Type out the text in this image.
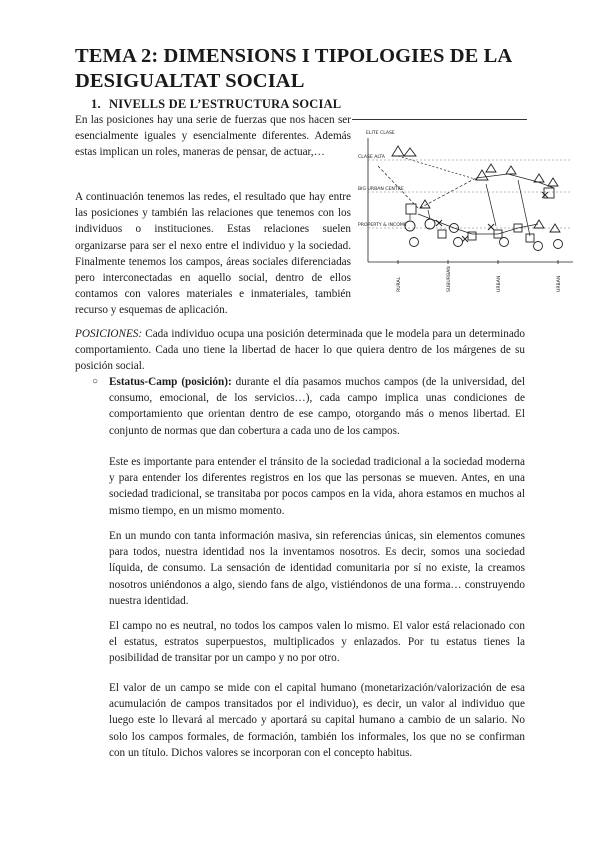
TEMA 2: DIMENSIONS I TIPOLOGIES DE LA DESIGUALTAT SOCIAL
1. NIVELLS DE L’ESTRUCTURA SOCIAL

En las posiciones hay una serie de fuerzas que nos hacen ser esencialmente iguales y esencialmente diferentes. Además estas implican un roles, maneras de pensar, de actuar,…

A continuación tenemos las redes, el resultado que hay entre las posiciones y también las relaciones que tenemos con los individuos o instituciones. Estas relaciones suelen organizarse para ser el nexo entre el individuo y la sociedad. Finalmente tenemos los campos, áreas sociales diferenciadas pero interconectadas en aquello social, dentro de ellos contamos con valores materiales e inmateriales, también recurso y esquemas de aplicación.

ELITE CLASE
CLASE ALTA
BIG URBAN CENTRE
PROPERTY & INCOME
RURAL	SUBURBAN	URBAN	URBAN

POSICIONES: Cada individuo ocupa una posición determinada que le modela para un determinado comportamiento. Cada uno tiene la libertad de hacer lo que quiera dentro de los márgenes de su posición social.

○ Estatus-Camp (posición): durante el día pasamos muchos campos (de la universidad, del consumo, emocional, de los servicios…), cada campo implica unas condiciones de comportamiento que orientan dentro de ese campo, otorgando más o menos libertad. El conjunto de normas que dan cobertura a cada uno de los campos.

Este es importante para entender el tránsito de la sociedad tradicional a la sociedad moderna y para entender los diferentes registros en los que las personas se mueven. Antes, en una sociedad tradicional, se transitaba por pocos campos en la vida, ahora estamos en muchos al mismo tiempo, en un mismo momento.

En un mundo con tanta información masiva, sin referencias únicas, sin elementos comunes para todos, nuestra identidad nos la inventamos nosotros. Es decir, somos una sociedad líquida, de consumo. La sensación de identidad comunitaria por sí no existe, la creamos nosotros uniéndonos a algo, siendo fans de algo, vistiéndonos de una forma… construyendo nuestra identidad.

El campo no es neutral, no todos los campos valen lo mismo. El valor está relacionado con el estatus, estratos superpuestos, multiplicados y enlazados. Por tu estatus tienes la posibilidad de transitar por un campo y no por otro.

El valor de un campo se mide con el capital humano (monetarización/valorización de esa acumulación de campos transitados por el individuo), es decir, un valor al individuo que luego este lo llevará al mercado y aportará su capital humano a cambio de un salario. No solo los campos formales, de formación, también los informales, los que no se confirman con un título. Dichos valores se incorporan con el concepto habitus.
